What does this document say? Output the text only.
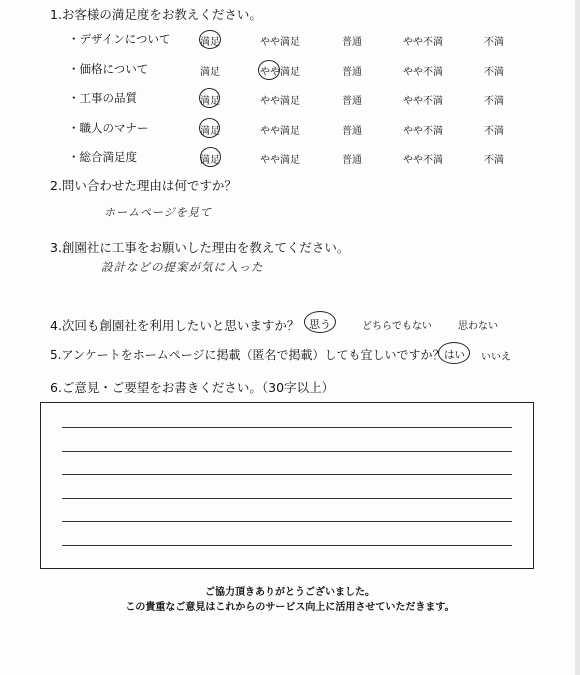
1.お客様の満足度をお教えください。
・デザインについて	満足	やや満足	普通	やや不満	不満
・価格について	満足	やや満足	普通	やや不満	不満
・工事の品質	満足	やや満足	普通	やや不満	不満
・職人のマナー	満足	やや満足	普通	やや不満	不満
・総合満足度	満足	やや満足	普通	やや不満	不満
2.問い合わせた理由は何ですか？
ホームページを見て
3.創園社に工事をお願いした理由を教えてください。
設計などの提案が気に入った
4.次回も創園社を利用したいと思いますか？ 思う	どちらでもない	思わない
5.アンケートをホームページに掲載（匿名で掲載）しても宜しいですか？ はい いいえ
6.ご意見・ご要望をお書きください。（30字以上）
ご協力頂きありがとうございました。
この貴重なご意見はこれからのサービス向上に活用させていただきます。
